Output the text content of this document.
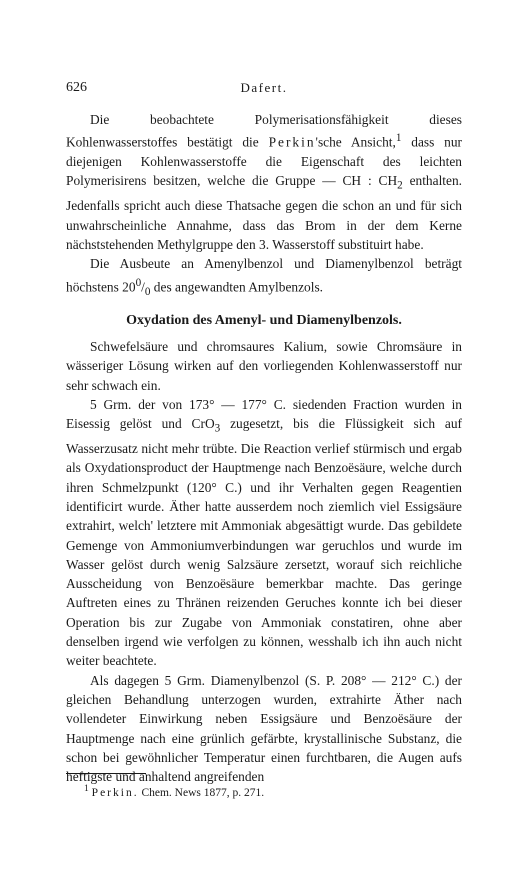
626	Dafert.

Die beobachtete Polymerisationsfähigkeit dieses Kohlenwasserstoffes bestätigt die Perkin'sche Ansicht,$^1$ dass nur diejenigen Kohlenwasserstoffe die Eigenschaft des leichten Polymerisirens besitzen, welche die Gruppe — CH : $CH_2$ enthalten. Jedenfalls spricht auch diese Thatsache gegen die schon an und für sich unwahrscheinliche Annahme, dass das Brom in der dem Kerne nächststehenden Methylgruppe den 3. Wasserstoff substituirt habe.

Die Ausbeute an Amenylbenzol und Diamenylbenzol beträgt höchstens $20^0/_0$ des angewandten Amylbenzols.

Oxydation des Amenyl- und Diamenylbenzols.

Schwefelsäure und chromsaures Kalium, sowie Chromsäure in wässeriger Lösung wirken auf den vorliegenden Kohlenwasserstoff nur sehr schwach ein.

5 Grm. der von 173° — 177° C. siedenden Fraction wurden in Eisessig gelöst und CrO$_3$ zugesetzt, bis die Flüssigkeit sich auf Wasserzusatz nicht mehr trübte. Die Reaction verlief stürmisch und ergab als Oxydationsproduct der Hauptmenge nach Benzoësäure, welche durch ihren Schmelzpunkt (120° C.) und ihr Verhalten gegen Reagentien identificirt wurde. Äther hatte ausserdem noch ziemlich viel Essigsäure extrahirt, welch' letztere mit Ammoniak abgesättigt wurde. Das gebildete Gemenge von Ammoniumverbindungen war geruchlos und wurde im Wasser gelöst durch wenig Salzsäure zersetzt, worauf sich reichliche Ausscheidung von Benzoësäure bemerkbar machte. Das geringe Auftreten eines zu Thränen reizenden Geruches konnte ich bei dieser Operation bis zur Zugabe von Ammoniak constatiren, ohne aber denselben irgend wie verfolgen zu können, wesshalb ich ihn auch nicht weiter beachtete.

Als dagegen 5 Grm. Diamenylbenzol (S. P. 208° — 212° C.) der gleichen Behandlung unterzogen wurden, extrahirte Äther nach vollendeter Einwirkung neben Essigsäure und Benzoësäure der Hauptmenge nach eine grünlich gefärbte, krystallinische Substanz, die schon bei gewöhnlicher Temperatur einen furchtbaren, die Augen aufs heftigste und anhaltend angreifenden

$^1$ Perkin. Chem. News 1877, p. 271.
